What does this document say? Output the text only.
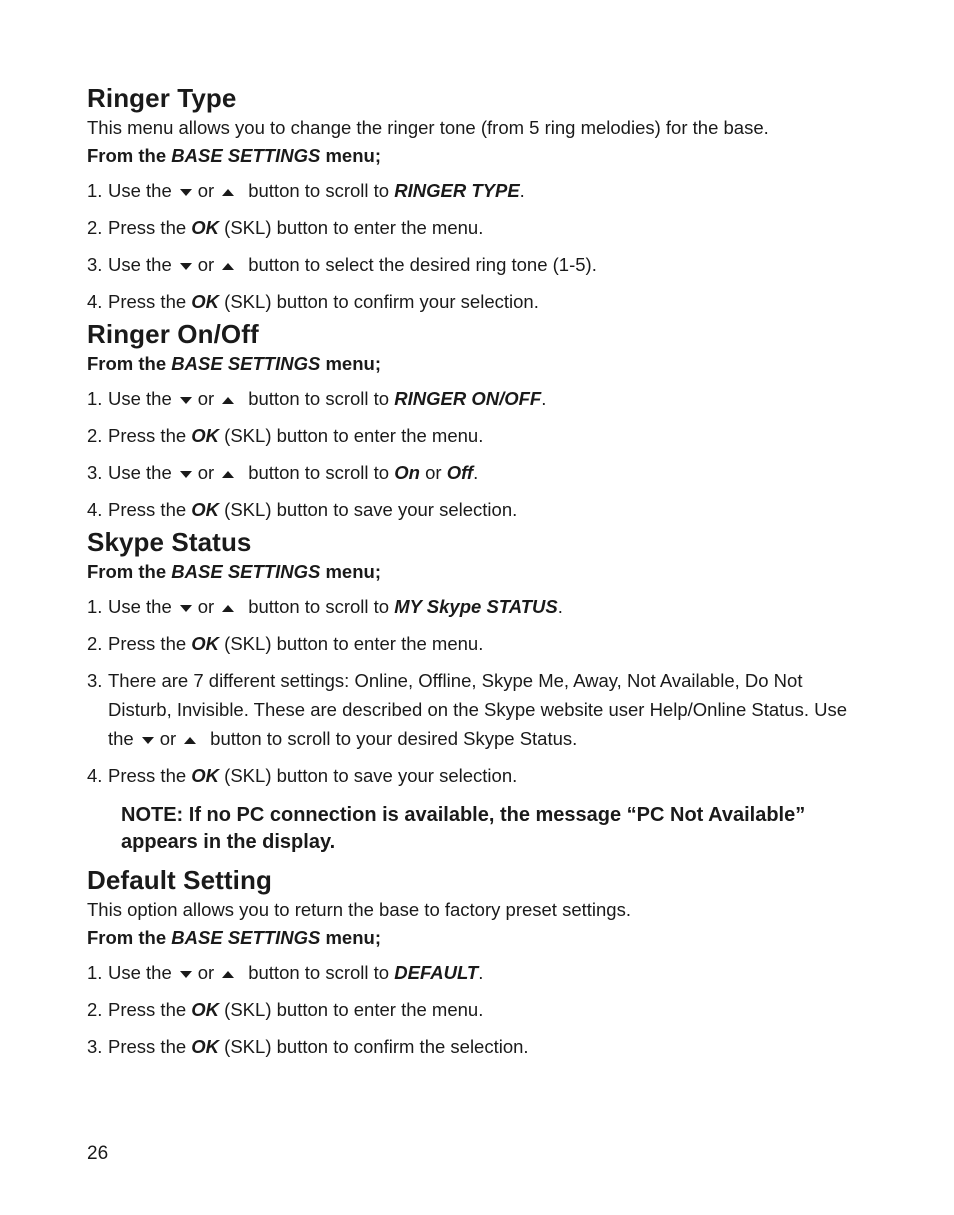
Ringer Type

This menu allows you to change the ringer tone (from 5 ring melodies) for the base.

From the BASE SETTINGS menu;

1. Use the or button to scroll to RINGER TYPE.
2. Press the OK (SKL) button to enter the menu.
3. Use the or button to select the desired ring tone (1-5).
4. Press the OK (SKL) button to confirm your selection.
Ringer On/Off

From the BASE SETTINGS menu;

1. Use the or button to scroll to RINGER ON/OFF.
2. Press the OK (SKL) button to enter the menu.
3. Use the or button to scroll to On or Off.
4. Press the OK (SKL) button to save your selection.
Skype Status

From the BASE SETTINGS menu;

1. Use the or button to scroll to MY Skype STATUS.
2. Press the OK (SKL) button to enter the menu.
3. There are 7 different settings: Online, Offline, Skype Me, Away, Not Available, Do Not Disturb, Invisible. These are described on the Skype website user Help/Online Status. Use the or button to scroll to your desired Skype Status.
4. Press the OK (SKL) button to save your selection.

NOTE: If no PC connection is available, the message “PC Not Available” appears in the display.

Default Setting

This option allows you to return the base to factory preset settings.

From the BASE SETTINGS menu;

1. Use the or button to scroll to DEFAULT.
2. Press the OK (SKL) button to enter the menu.
3. Press the OK (SKL) button to confirm the selection.
26
